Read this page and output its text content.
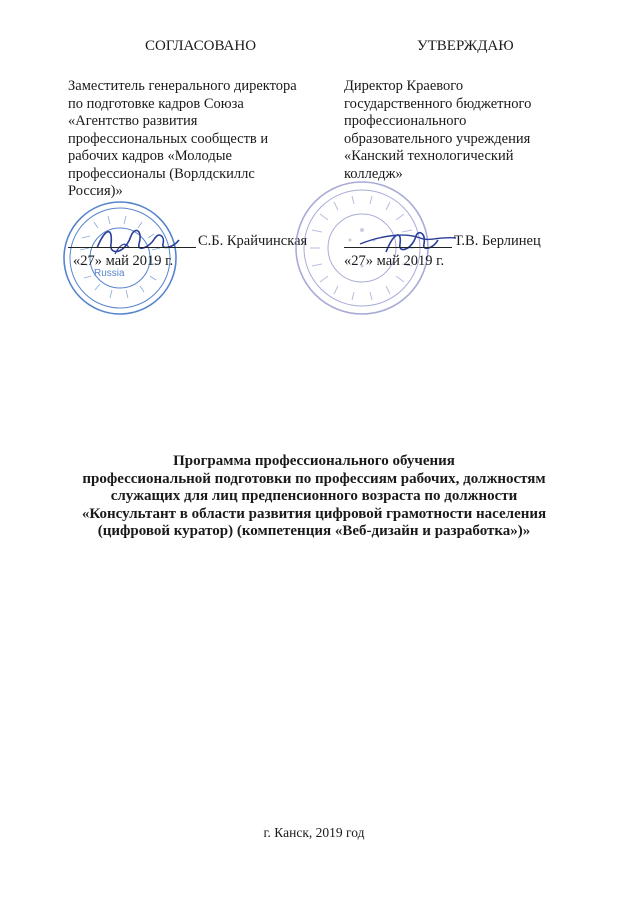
СОГЛАСОВАНО	УТВЕРЖДАЮ
Заместитель генерального директора
по подготовке кадров Союза
«Агентство развития
профессиональных сообществ и
рабочих кадров «Молодые
профессионалы (Ворлдскиллс
Россия)»
Директор Краевого
государственного бюджетного
профессионального
образовательного учреждения
«Канский технологический
колледж»
Russia
С.Б. Крайчинская
«27» май 2019 г.
Т.В. Берлинец
«27» май 2019 г.
Программа профессионального обучения
профессиональной подготовки по профессиям рабочих, должностям
служащих для лиц предпенсионного возраста по должности
«Консультант в области развития цифровой грамотности населения
(цифровой куратор) (компетенция «Веб-дизайн и разработка»)»
г. Канск, 2019 год
